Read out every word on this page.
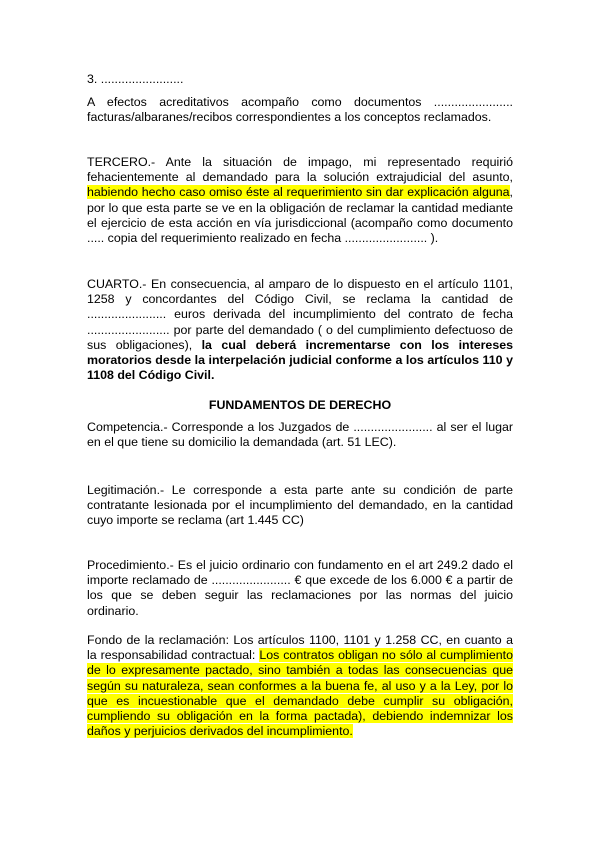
3. ........................

A efectos acreditativos acompaño como documentos ....................... facturas/albaranes/recibos correspondientes a los conceptos reclamados.

TERCERO.- Ante la situación de impago, mi representado requirió fehacientemente al demandado para la solución extrajudicial del asunto, habiendo hecho caso omiso éste al requerimiento sin dar explicación alguna, por lo que esta parte se ve en la obligación de reclamar la cantidad mediante el ejercicio de esta acción en vía jurisdiccional (acompaño como documento ..... copia del requerimiento realizado en fecha ........................ ).

CUARTO.- En consecuencia, al amparo de lo dispuesto en el artículo 1101, 1258 y concordantes del Código Civil, se reclama la cantidad de ....................... euros derivada del incumplimiento del contrato de fecha ........................ por parte del demandado ( o del cumplimiento defectuoso de sus obligaciones), la cual deberá incrementarse con los intereses moratorios desde la interpelación judicial conforme a los artículos 110 y 1108 del Código Civil.

FUNDAMENTOS DE DERECHO

Competencia.- Corresponde a los Juzgados de ....................... al ser el lugar en el que tiene su domicilio la demandada (art. 51 LEC).

Legitimación.- Le corresponde a esta parte ante su condición de parte contratante lesionada por el incumplimiento del demandado, en la cantidad cuyo importe se reclama (art 1.445 CC)

Procedimiento.- Es el juicio ordinario con fundamento en el art 249.2 dado el importe reclamado de ....................... € que excede de los 6.000 € a partir de los que se deben seguir las reclamaciones por las normas del juicio ordinario.

Fondo de la reclamación: Los artículos 1100, 1101 y 1.258 CC, en cuanto a la responsabilidad contractual: Los contratos obligan no sólo al cumplimiento de lo expresamente pactado, sino también a todas las consecuencias que según su naturaleza, sean conformes a la buena fe, al uso y a la Ley, por lo que es incuestionable que el demandado debe cumplir su obligación, cumpliendo su obligación en la forma pactada), debiendo indemnizar los daños y perjuicios derivados del incumplimiento.
